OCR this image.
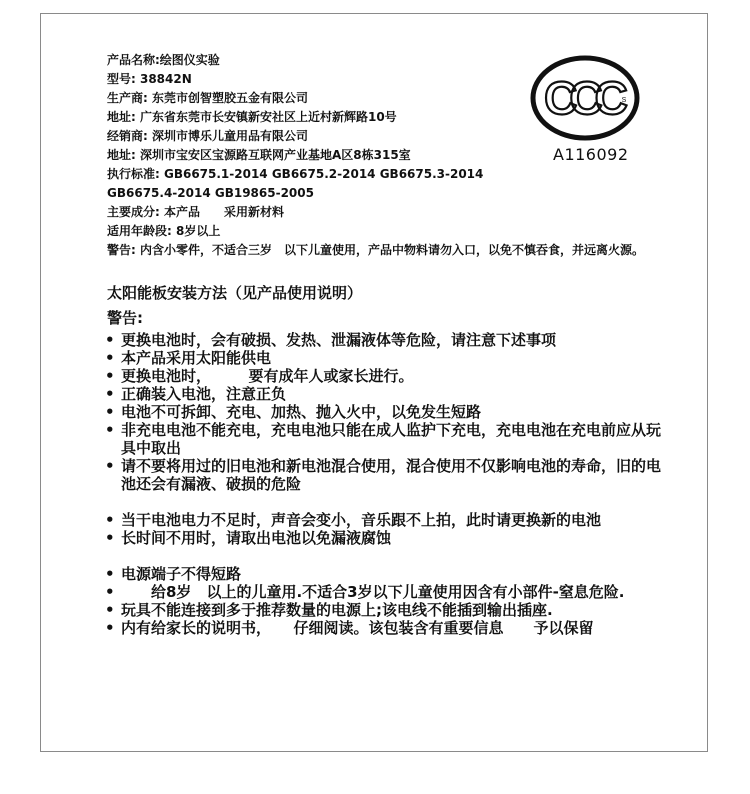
产品名称:绘图仪实验
型号: 38842N
生产商: 东莞市创智塑胶五金有限公司
地址: 广东省东莞市长安镇新安社区上近村新辉路10号
经销商: 深圳市博乐儿童用品有限公司
地址: 深圳市宝安区宝源路互联网产业基地A区8栋315室
执行标准: GB6675.1-2014 GB6675.2-2014 GB6675.3-2014
GB6675.4-2014 GB19865-2005
主要成分: 本产品　　采用新材料
适用年龄段: 8岁以上
警告: 内含小零件，不适合三岁　以下儿童使用，产品中物料请勿入口，以免不慎吞食，并远离火源。
CCC S
A116092
太阳能板安装方法（见产品使用说明）
警告:
• 更换电池时，会有破损、发热、泄漏液体等危险，请注意下述事项
• 本产品采用太阳能供电
• 更换电池时，　　　要有成年人或家长进行。
• 正确装入电池，注意正负
• 电池不可拆卸、充电、加热、抛入火中，以免发生短路
• 非充电电池不能充电，充电电池只能在成人监护下充电，充电电池在充电前应从玩具中取出
• 请不要将用过的旧电池和新电池混合使用，混合使用不仅影响电池的寿命，旧的电池还会有漏液、破损的危险
• 当干电池电力不足时，声音会变小，音乐跟不上拍，此时请更换新的电池
• 长时间不用时，请取出电池以免漏液腐蚀
• 电源端子不得短路
• 　　给8岁　以上的儿童用.不适合3岁以下儿童使用因含有小部件-窒息危险.
• 玩具不能连接到多于推荐数量的电源上;该电线不能插到输出插座.
• 内有给家长的说明书，　　仔细阅读。该包装含有重要信息　　予以保留
